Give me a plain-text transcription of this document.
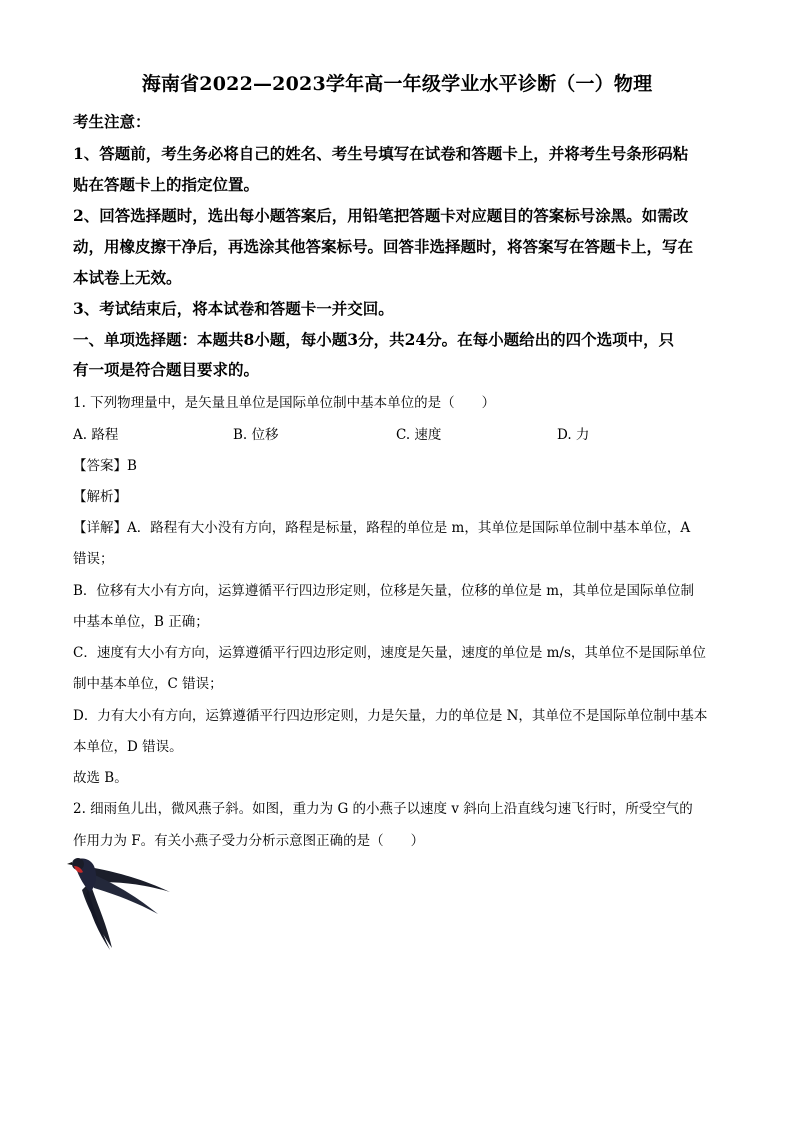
海南省2022—2023学年高一年级学业水平诊断（一）物理
考生注意：
1、答题前，考生务必将自己的姓名、考生号填写在试卷和答题卡上，并将考生号条形码粘
贴在答题卡上的指定位置。
2、回答选择题时，选出每小题答案后，用铅笔把答题卡对应题目的答案标号涂黑。如需改
动，用橡皮擦干净后，再选涂其他答案标号。回答非选择题时，将答案写在答题卡上，写在
本试卷上无效。
3、考试结束后，将本试卷和答题卡一并交回。
一、单项选择题：本题共8小题，每小题3分，共24分。在每小题给出的四个选项中，只
有一项是符合题目要求的。
1. 下列物理量中，是矢量且单位是国际单位制中基本单位的是（　　）
A. 路程	B. 位移	C. 速度	D. 力
【答案】B
【解析】
【详解】A．路程有大小没有方向，路程是标量，路程的单位是 m，其单位是国际单位制中基本单位，A
错误；
B．位移有大小有方向，运算遵循平行四边形定则，位移是矢量，位移的单位是 m，其单位是国际单位制
中基本单位，B 正确；
C．速度有大小有方向，运算遵循平行四边形定则，速度是矢量，速度的单位是 m/s，其单位不是国际单位
制中基本单位，C 错误；
D．力有大小有方向，运算遵循平行四边形定则，力是矢量，力的单位是 N，其单位不是国际单位制中基本
本单位，D 错误。
故选 B。
2. 细雨鱼儿出，微风燕子斜。如图，重力为 G 的小燕子以速度 v 斜向上沿直线匀速飞行时，所受空气的
作用力为 F。有关小燕子受力分析示意图正确的是（　　）
